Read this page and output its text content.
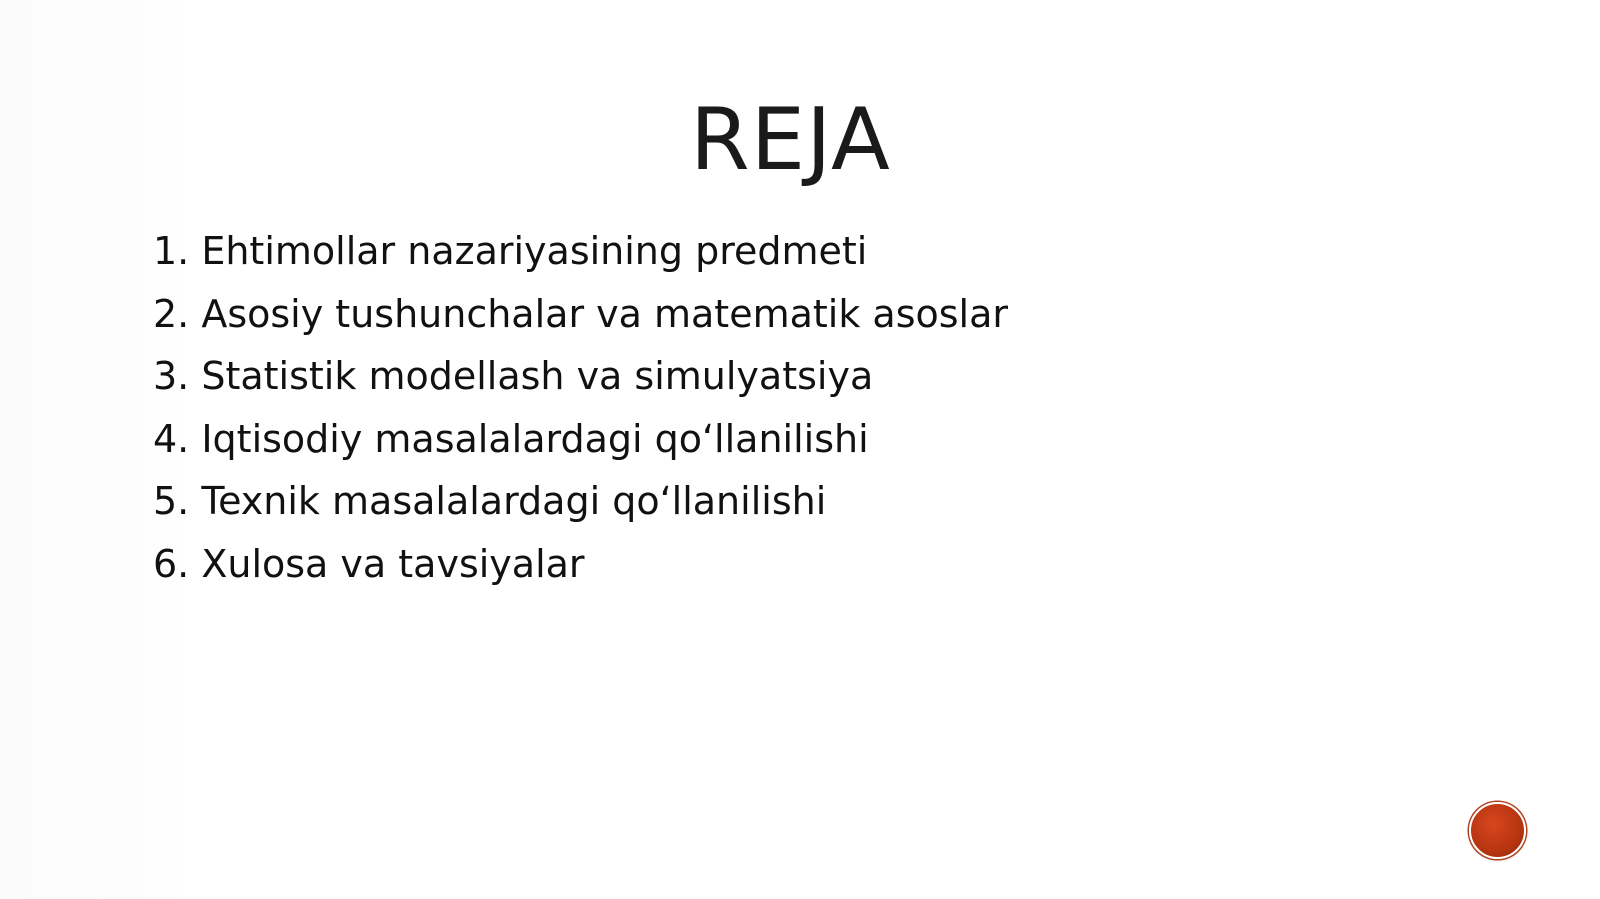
REJA
1. Ehtimollar nazariyasining predmeti
2. Asosiy tushunchalar va matematik asoslar
3. Statistik modellash va simulyatsiya
4. Iqtisodiy masalalardagi qo‘llanilishi
5. Texnik masalalardagi qo‘llanilishi
6. Xulosa va tavsiyalar
